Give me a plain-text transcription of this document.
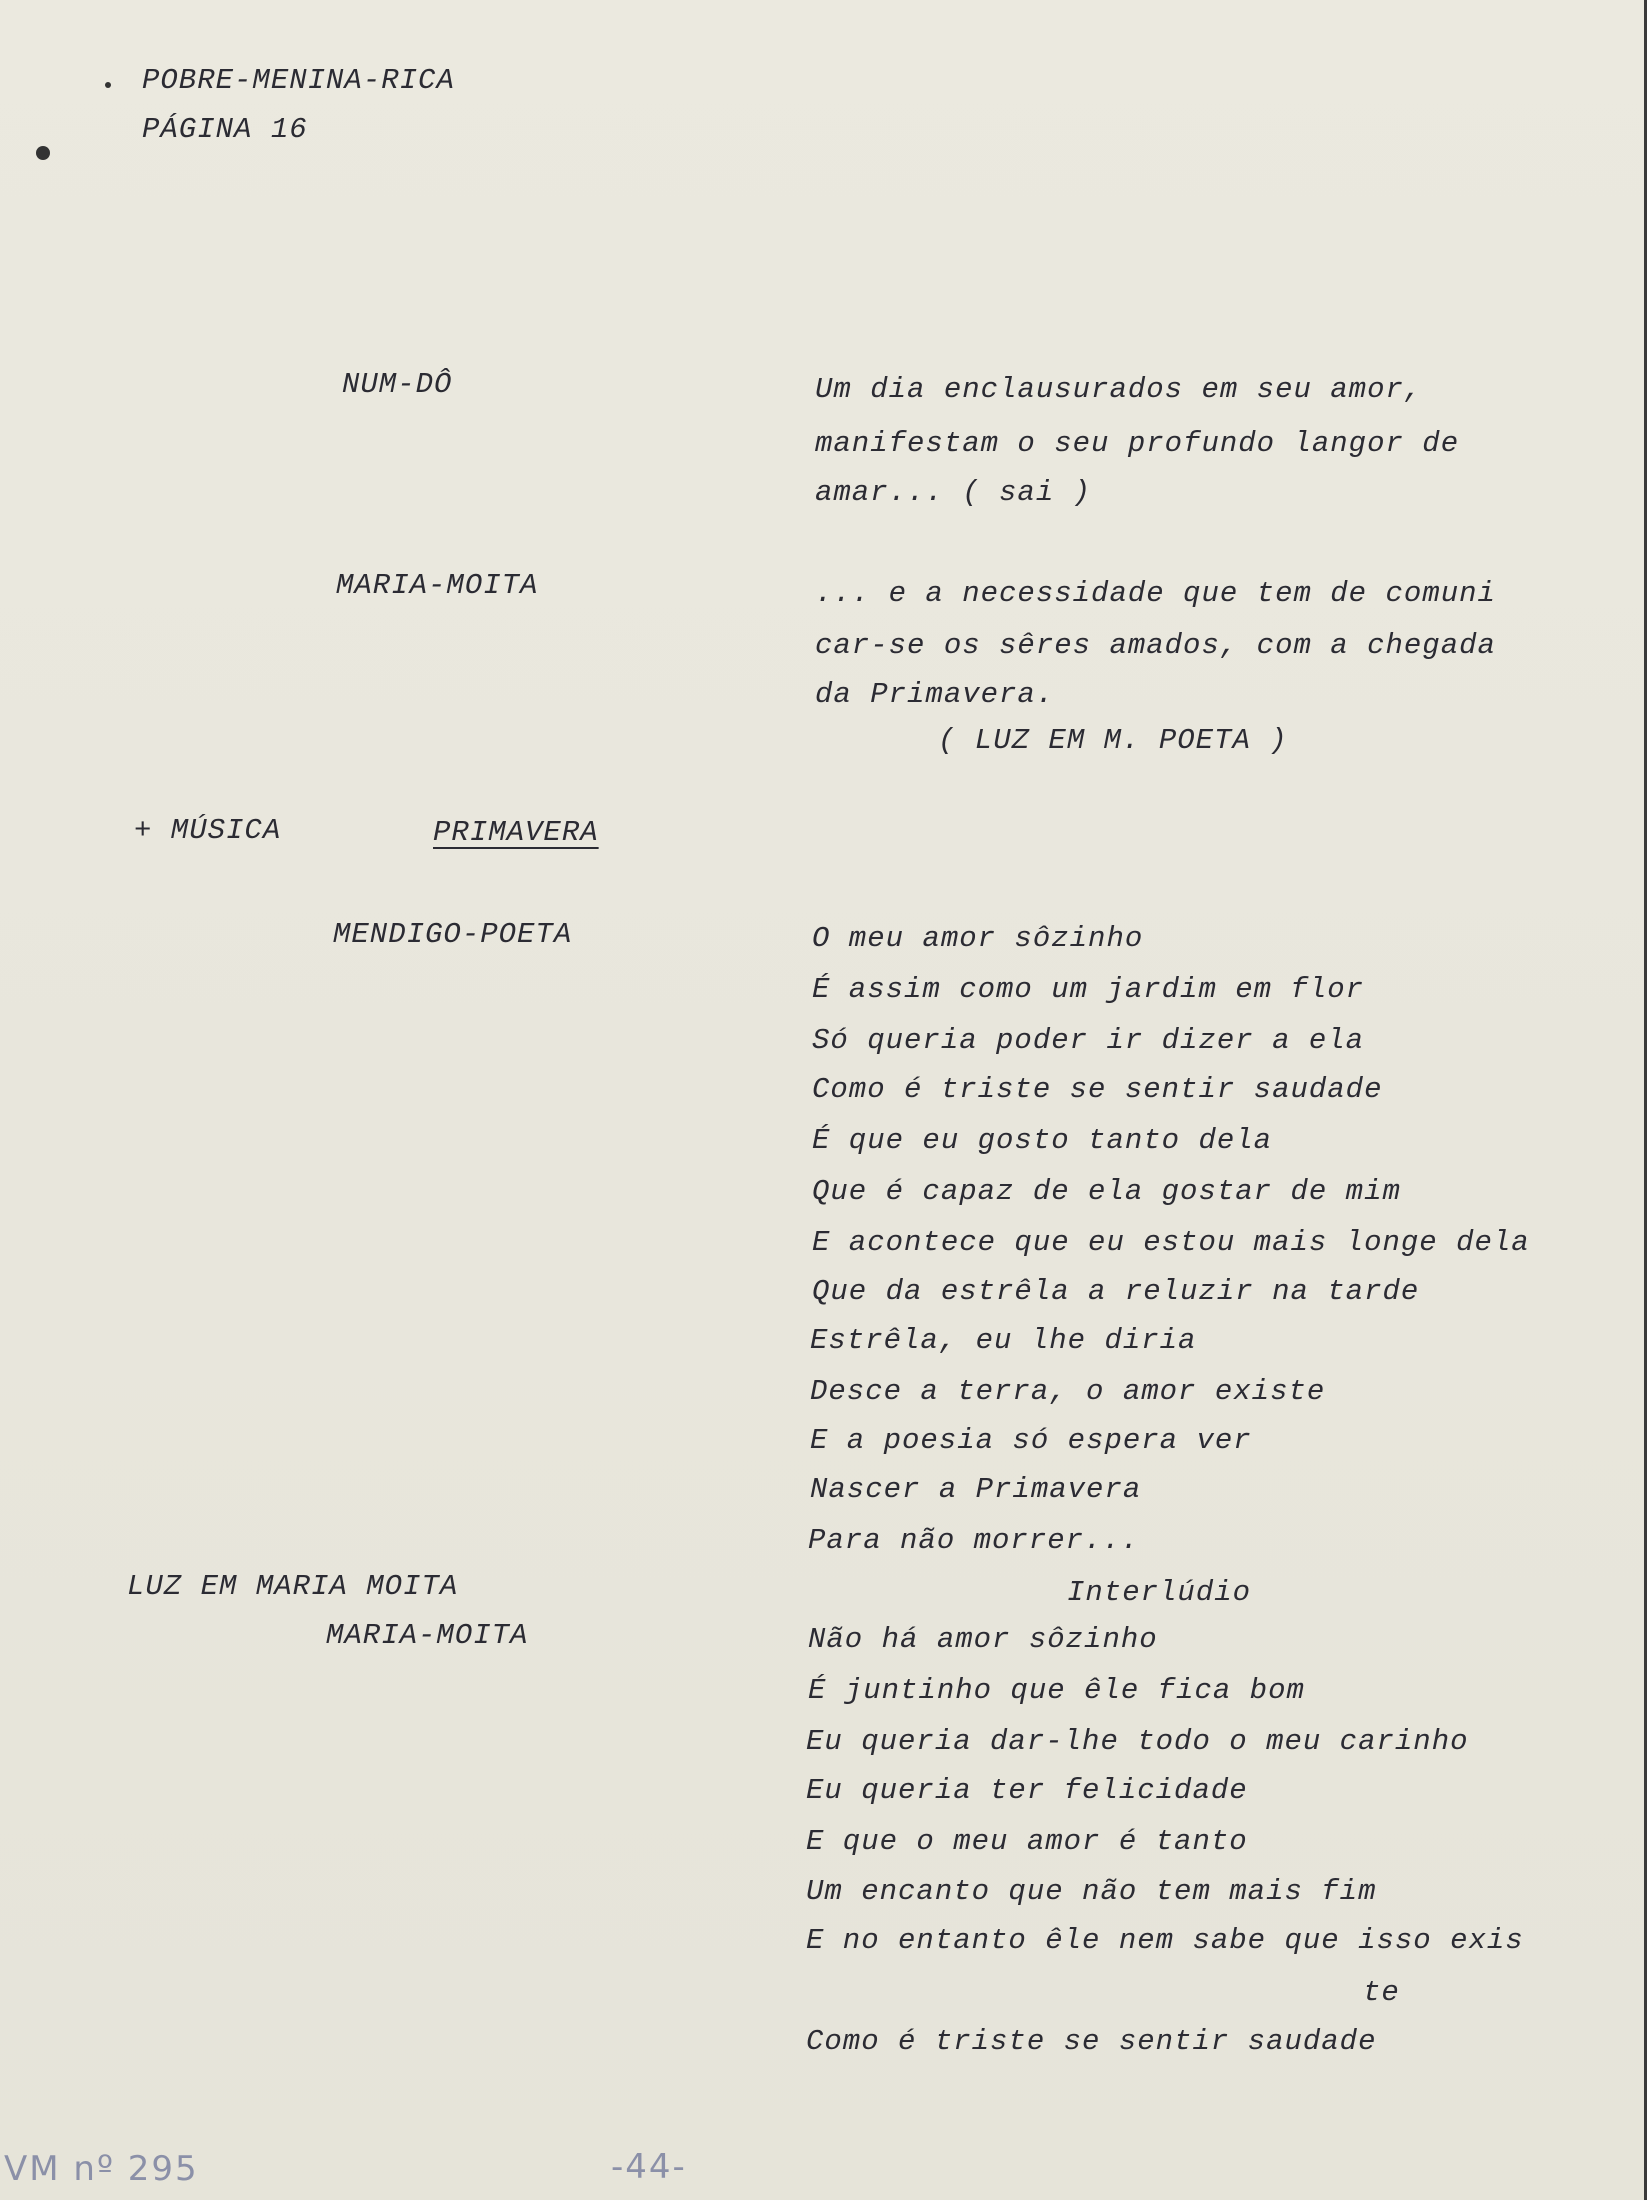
POBRE-MENINA-RICA
PÁGINA 16
NUM-DÔ	Um dia enclausurados em seu amor,
manifestam o seu profundo langor de
amar... ( sai )
MARIA-MOITA	... e a necessidade que tem de comuni
car-se os sêres amados, com a chegada
da Primavera.
( LUZ EM M. POETA )
+ MÚSICA	PRIMAVERA
MENDIGO-POETA	O meu amor sôzinho
É assim como um jardim em flor
Só queria poder ir dizer a ela
Como é triste se sentir saudade
É que eu gosto tanto dela
Que é capaz de ela gostar de mim
E acontece que eu estou mais longe dela
Que da estrêla a reluzir na tarde
Estrêla, eu lhe diria
Desce a terra, o amor existe
E a poesia só espera ver
Nascer a Primavera
Para não morrer...
LUZ EM MARIA MOITA	Interlúdio
MARIA-MOITA	Não há amor sôzinho
É juntinho que êle fica bom
Eu queria dar-lhe todo o meu carinho
Eu queria ter felicidade
E que o meu amor é tanto
Um encanto que não tem mais fim
E no entanto êle nem sabe que isso exis
te
Como é triste se sentir saudade
VM nº 295	-44-
